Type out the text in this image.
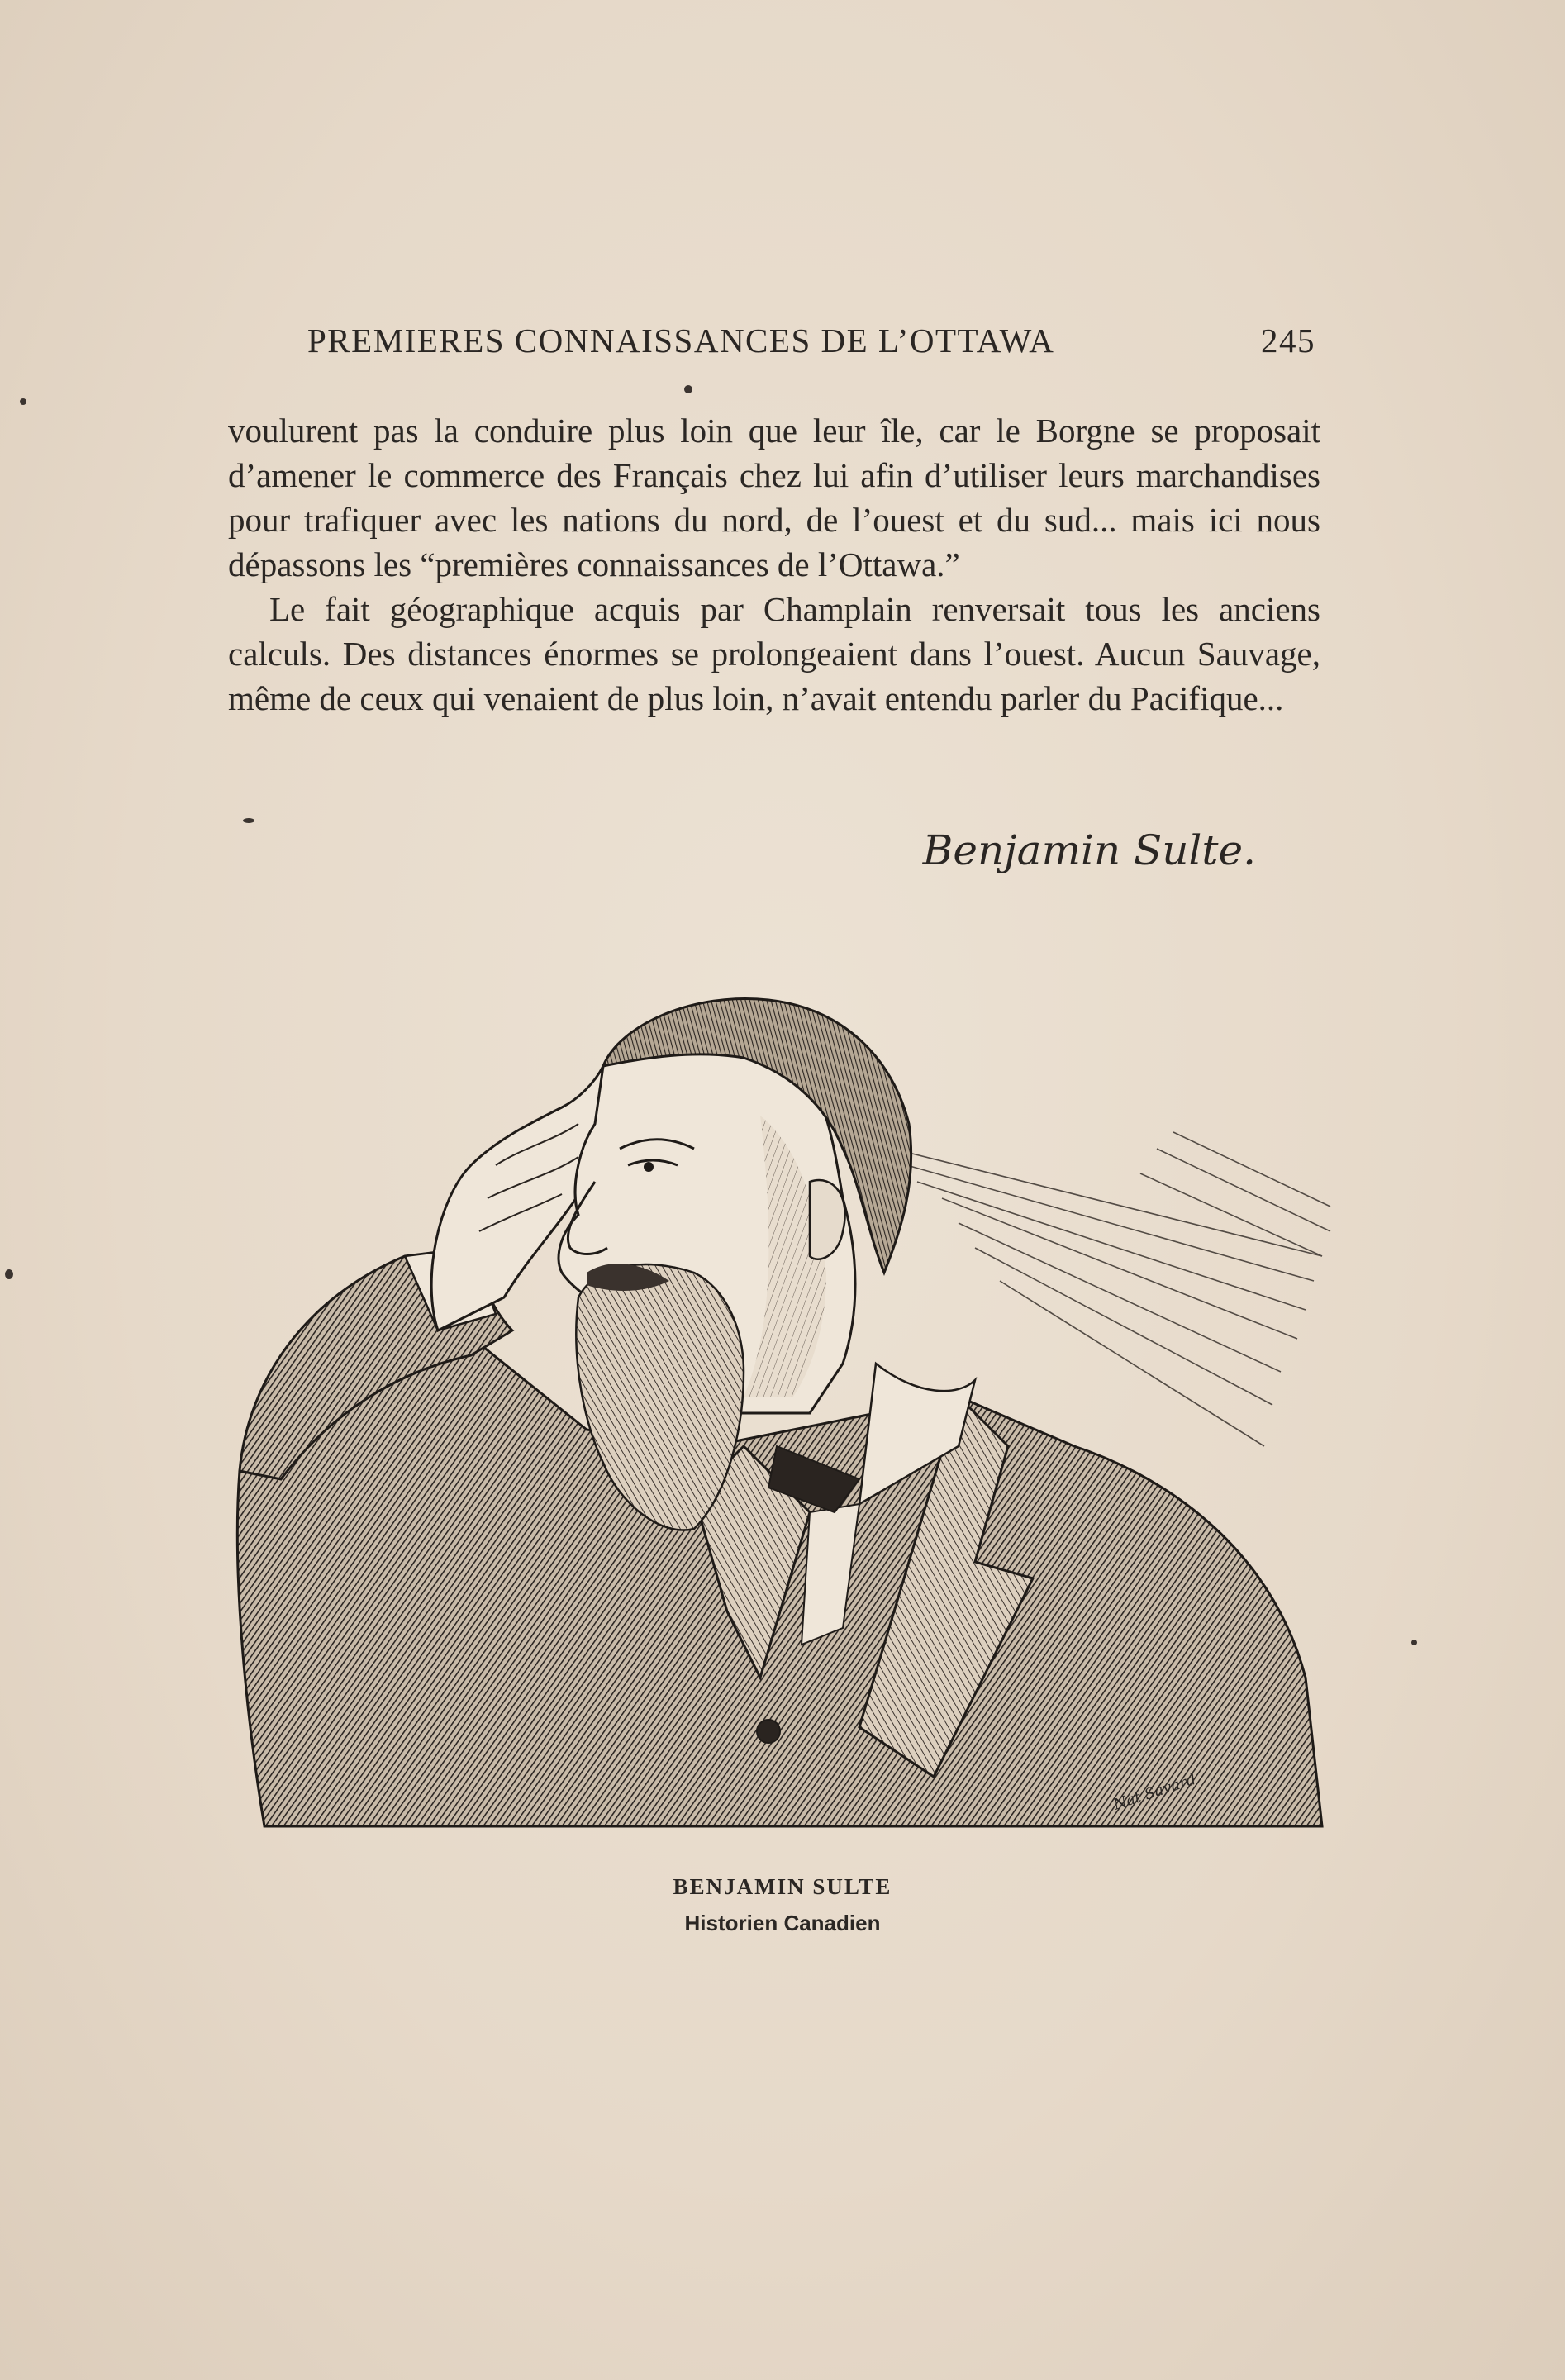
PREMIERES CONNAISSANCES DE L’OTTAWA	245

voulurent pas la conduire plus loin que leur île, car le Borgne se proposait d’amener le commerce des Français chez lui afin d’utiliser leurs marchandises pour trafiquer avec les nations du nord, de l’ouest et du sud... mais ici nous dépassons les “premières connaissances de l’Ottawa.”

Le fait géographique acquis par Champlain renversait tous les anciens calculs. Des distances énormes se prolongeaient dans l’ouest. Aucun Sauvage, même de ceux qui venaient de plus loin, n’avait entendu parler du Pacifique...

Benjamin Sulte.
Nat Savard
BENJAMIN SULTE
Historien Canadien
